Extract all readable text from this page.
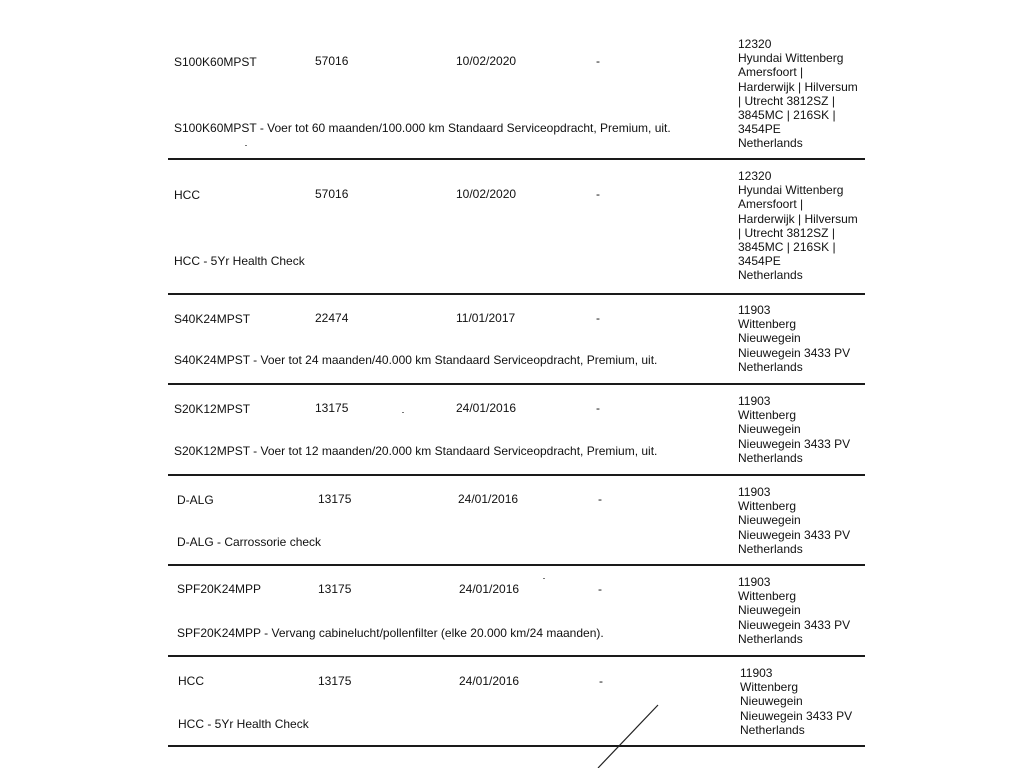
S100K60MPST	57016	10/02/2020	-
S100K60MPST - Voer tot 60 maanden/100.000 km Standaard Serviceopdracht, Premium, uit.
12320
Hyundai Wittenberg
Amersfoort |
Harderwijk | Hilversum
| Utrecht 3812SZ |
3845MC | 216SK |
3454PE
Netherlands
HCC	57016	10/02/2020	-
HCC - 5Yr Health Check
12320
Hyundai Wittenberg
Amersfoort |
Harderwijk | Hilversum
| Utrecht 3812SZ |
3845MC | 216SK |
3454PE
Netherlands
S40K24MPST	22474	11/01/2017	-
S40K24MPST - Voer tot 24 maanden/40.000 km Standaard Serviceopdracht, Premium, uit.
11903
Wittenberg
Nieuwegein
Nieuwegein 3433 PV
Netherlands
S20K12MPST	13175	24/01/2016	-
S20K12MPST - Voer tot 12 maanden/20.000 km Standaard Serviceopdracht, Premium, uit.
11903
Wittenberg
Nieuwegein
Nieuwegein 3433 PV
Netherlands
D-ALG	13175	24/01/2016	-
D-ALG - Carrossorie check
11903
Wittenberg
Nieuwegein
Nieuwegein 3433 PV
Netherlands
SPF20K24MPP	13175	24/01/2016	-
SPF20K24MPP - Vervang cabinelucht/pollenfilter (elke 20.000 km/24 maanden).
11903
Wittenberg
Nieuwegein
Nieuwegein 3433 PV
Netherlands
HCC	13175	24/01/2016	-
HCC - 5Yr Health Check
11903
Wittenberg
Nieuwegein
Nieuwegein 3433 PV
Netherlands
